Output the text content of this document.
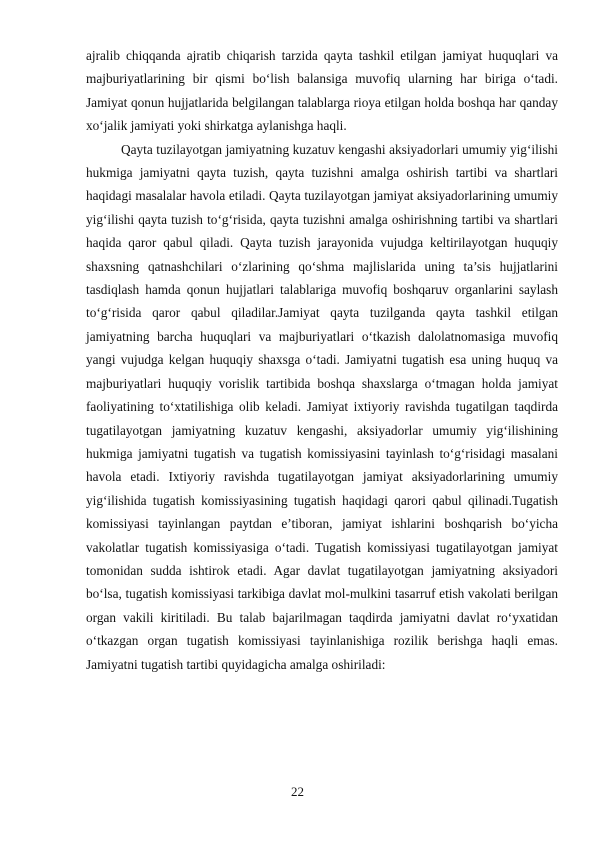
ajralib chiqqanda ajratib chiqarish tarzida qayta tashkil etilgan jamiyat huquqlari va majburiyatlarining bir qismi bo‘lish balansiga muvofiq ularning har biriga o‘tadi. Jamiyat qonun hujjatlarida belgilangan talablarga rioya etilgan holda boshqa har qanday xo‘jalik jamiyati yoki shirkatga aylanishga haqli.

Qayta tuzilayotgan jamiyatning kuzatuv kengashi aksiyadorlari umumiy yig‘ilishi hukmiga jamiyatni qayta tuzish, qayta tuzishni amalga oshirish tartibi va shartlari haqidagi masalalar havola etiladi. Qayta tuzilayotgan jamiyat aksiyadorlarining umumiy yig‘ilishi qayta tuzish to‘g‘risida, qayta tuzishni amalga oshirishning tartibi va shartlari haqida qaror qabul qiladi. Qayta tuzish jarayonida vujudga keltirilayotgan huquqiy shaxsning qatnashchilari o‘zlarining qo‘shma majlislarida uning ta’sis hujjatlarini tasdiqlash hamda qonun hujjatlari talablariga muvofiq boshqaruv organlarini saylash to‘g‘risida qaror qabul qiladilar.Jamiyat qayta tuzilganda qayta tashkil etilgan jamiyatning barcha huquqlari va majburiyatlari o‘tkazish dalolatnomasiga muvofiq yangi vujudga kelgan huquqiy shaxsga o‘tadi. Jamiyatni tugatish esa uning huquq va majburiyatlari huquqiy vorislik tartibida boshqa shaxslarga o‘tmagan holda jamiyat faoliyatining to‘xtatilishiga olib keladi. Jamiyat ixtiyoriy ravishda tugatilgan taqdirda tugatilayotgan jamiyatning kuzatuv kengashi, aksiyadorlar umumiy yig‘ilishining hukmiga jamiyatni tugatish va tugatish komissiyasini tayinlash to‘g‘risidagi masalani havola etadi. Ixtiyoriy ravishda tugatilayotgan jamiyat aksiyadorlarining umumiy yig‘ilishida tugatish komissiyasining tugatish haqidagi qarori qabul qilinadi.Tugatish komissiyasi tayinlangan paytdan e’tiboran, jamiyat ishlarini boshqarish bo‘yicha vakolatlar tugatish komissiyasiga o‘tadi. Tugatish komissiyasi tugatilayotgan jamiyat tomonidan sudda ishtirok etadi. Agar davlat tugatilayotgan jamiyatning aksiyadori bo‘lsa, tugatish komissiyasi tarkibiga davlat mol-mulkini tasarruf etish vakolati berilgan organ vakili kiritiladi. Bu talab bajarilmagan taqdirda jamiyatni davlat ro‘yxatidan o‘tkazgan organ tugatish komissiyasi tayinlanishiga rozilik berishga haqli emas. Jamiyatni tugatish tartibi quyidagicha amalga oshiriladi:

22
